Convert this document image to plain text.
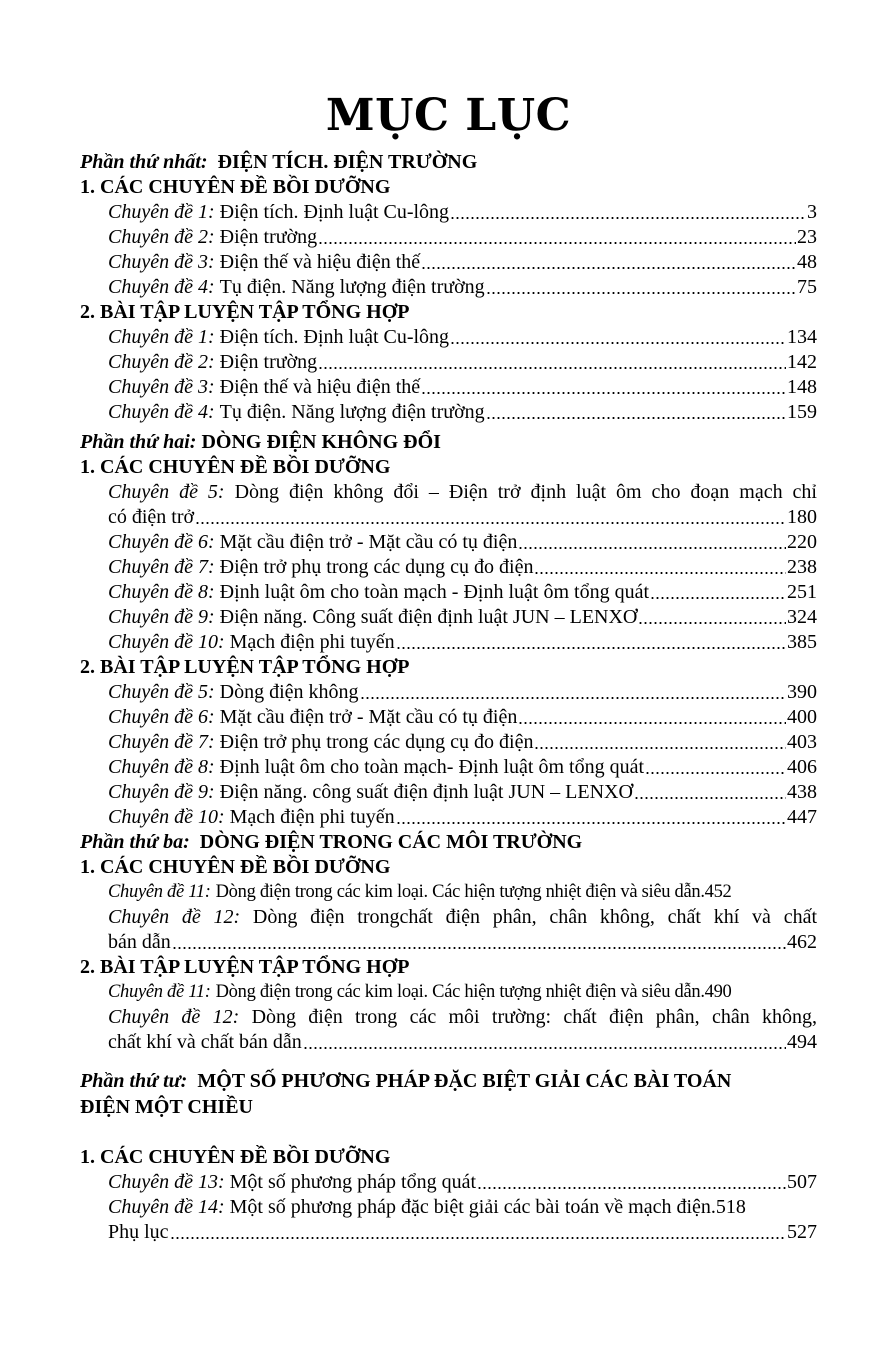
MỤC LỤC
Phần thứ nhất: ĐIỆN TÍCH. ĐIỆN TRƯỜNG
1. CÁC CHUYÊN ĐỀ BỒI DƯỠNG
Chuyên đề 1: Điện tích. Định luật Cu-lông	3
Chuyên đề 2: Điện trường	23
Chuyên đề 3: Điện thế và hiệu điện thế	48
Chuyên đề 4: Tụ điện. Năng lượng điện trường	75
2. BÀI TẬP LUYỆN TẬP TỔNG HỢP
Chuyên đề 1: Điện tích. Định luật Cu-lông	134
Chuyên đề 2: Điện trường	142
Chuyên đề 3: Điện thế và hiệu điện thế	148
Chuyên đề 4: Tụ điện. Năng lượng điện trường	159
Phần thứ hai: DÒNG ĐIỆN KHÔNG ĐỔI
1. CÁC CHUYÊN ĐỀ BỒI DƯỠNG
Chuyên đề 5: Dòng điện không đổi – Điện trở định luật ôm cho đoạn mạch chỉ
có điện trở	180
Chuyên đề 6: Mặt cầu điện trở - Mặt cầu có tụ điện	220
Chuyên đề 7: Điện trở phụ trong các dụng cụ đo điện	238
Chuyên đề 8: Định luật ôm cho toàn mạch - Định luật ôm tổng quát	251
Chuyên đề 9: Điện năng. Công suất điện định luật JUN – LENXƠ	324
Chuyên đề 10: Mạch điện phi tuyến	385
2. BÀI TẬP LUYỆN TẬP TỔNG HỢP
Chuyên đề 5: Dòng điện không	390
Chuyên đề 6: Mặt cầu điện trở - Mặt cầu có tụ điện	400
Chuyên đề 7: Điện trở phụ trong các dụng cụ đo điện	403
Chuyên đề 8: Định luật ôm cho toàn mạch- Định luật ôm tổng quát	406
Chuyên đề 9: Điện năng. công suất điện định luật JUN – LENXƠ	438
Chuyên đề 10: Mạch điện phi tuyến	447
Phần thứ ba: DÒNG ĐIỆN TRONG CÁC MÔI TRƯỜNG
1. CÁC CHUYÊN ĐỀ BỒI DƯỠNG
Chuyên đề 11: Dòng điện trong các kim loại. Các hiện tượng nhiệt điện và siêu dẫn. 452
Chuyên đề 12: Dòng điện trongchất điện phân, chân không, chất khí và chất
bán dẫn	462
2. BÀI TẬP LUYỆN TẬP TỔNG HỢP
Chuyên đề 11: Dòng điện trong các kim loại. Các hiện tượng nhiệt điện và siêu dẫn. 490
Chuyên đề 12: Dòng điện trong các môi trường: chất điện phân, chân không,
chất khí và chất bán dẫn	494
Phần thứ tư: MỘT SỐ PHƯƠNG PHÁP ĐẶC BIỆT GIẢI CÁC BÀI TOÁN
ĐIỆN MỘT CHIỀU
1. CÁC CHUYÊN ĐỀ BỒI DƯỠNG
Chuyên đề 13: Một số phương pháp tổng quát	507
Chuyên đề 14: Một số phương pháp đặc biệt giải các bài toán về mạch điện. 518
Phụ lục	527
